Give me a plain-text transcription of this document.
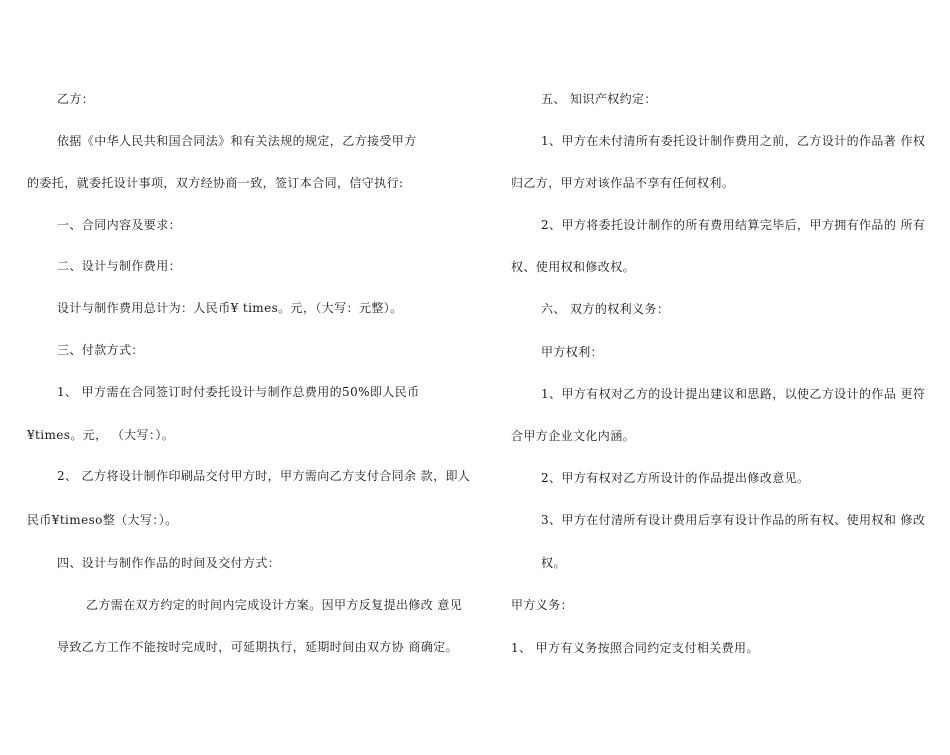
乙方：
依据《中华人民共和国合同法》和有关法规的规定，乙方接受甲方
的委托，就委托设计事项，双方经协商一致，签订本合同，信守执行:
一、合同内容及要求：
二、设计与制作费用：
设计与制作费用总计为：人民币¥ times。元，（大写：元整）。
三、付款方式：
1、 甲方需在合同签订时付委托设计与制作总费用的50%即人民币
¥times。元， （大写：）。
2、 乙方将设计制作印刷品交付甲方时，甲方需向乙方支付合同余 款，即人
民币¥timeso整（大写：）。
四、设计与制作作品的时间及交付方式：
乙方需在双方约定的时间内完成设计方案。因甲方反复提出修改 意见
导致乙方工作不能按时完成时，可延期执行，延期时间由双方协 商确定。
五、 知识产权约定：
1、甲方在未付清所有委托设计制作费用之前，乙方设计的作品著 作权
归乙方，甲方对该作品不享有任何权利。
2、甲方将委托设计制作的所有费用结算完毕后，甲方拥有作品的 所有
权、使用权和修改权。
六、 双方的权利义务：
甲方权利：
1、甲方有权对乙方的设计提出建议和思路，以使乙方设计的作品 更符
合甲方企业文化内涵。
2、甲方有权对乙方所设计的作品提出修改意见。
3、甲方在付清所有设计费用后享有设计作品的所有权、使用权和 修改
权。
甲方义务：
1、 甲方有义务按照合同约定支付相关费用。
